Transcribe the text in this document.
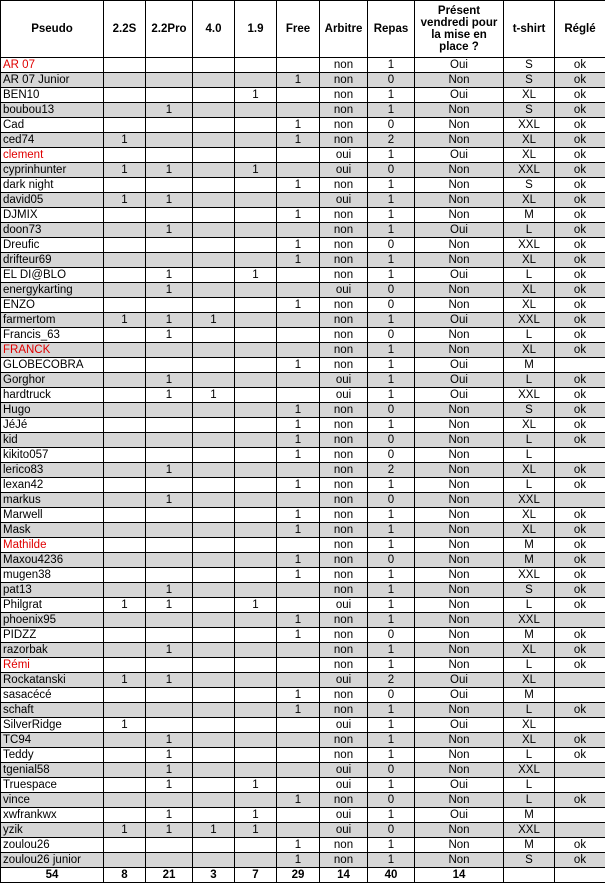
Pseudo	2.2S	2.2Pro	4.0	1.9	Free	Arbitre	Repas	Présent vendredi pour la mise en place ?	t-shirt	Réglé
AR 07						non	1	Oui	S	ok
AR 07 Junior					1	non	0	Non	S	ok
BEN10				1		non	1	Oui	XL	ok
boubou13		1				non	1	Non	S	ok
Cad					1	non	0	Non	XXL	ok
ced74	1				1	non	2	Non	XL	ok
clement						oui	1	Oui	XL	ok
cyprinhunter	1	1		1		oui	0	Non	XXL	ok
dark night					1	non	1	Non	S	ok
david05	1	1				oui	1	Non	XL	ok
DJMIX					1	non	1	Non	M	ok
doon73		1				non	1	Oui	L	ok
Dreufic					1	non	0	Non	XXL	ok
drifteur69					1	non	1	Non	XL	ok
EL DI@BLO		1		1		non	1	Oui	L	ok
energykarting		1				oui	0	Non	XL	ok
ENZO					1	non	0	Non	XL	ok
farmertom	1	1	1			non	1	Oui	XXL	ok
Francis_63		1				non	0	Non	L	ok
FRANCK						non	1	Non	XL	ok
GLOBECOBRA					1	non	1	Oui	M	
Gorghor		1				oui	1	Oui	L	ok
hardtruck		1	1			oui	1	Oui	XXL	ok
Hugo					1	non	0	Non	S	ok
JéJé					1	non	1	Non	XL	ok
kid					1	non	0	Non	L	ok
kikito057					1	non	0	Non	L	
lerico83		1				non	2	Non	XL	ok
lexan42					1	non	1	Non	L	ok
markus		1				non	0	Non	XXL	
Marwell					1	non	1	Non	XL	ok
Mask					1	non	1	Non	XL	ok
Mathilde						non	1	Non	M	ok
Maxou4236					1	non	0	Non	M	ok
mugen38					1	non	1	Non	XXL	ok
pat13		1				non	1	Non	S	ok
Philgrat	1	1		1		oui	1	Non	L	ok
phoenix95					1	non	1	Non	XXL	
PIDZZ					1	non	0	Non	M	ok
razorbak		1				non	1	Non	XL	ok
Rémi						non	1	Non	L	ok
Rockatanski	1	1				oui	2	Oui	XL	
sasacécé					1	non	0	Oui	M	
schaft					1	non	1	Non	L	ok
SilverRidge	1					oui	1	Oui	XL	
TC94		1				non	1	Non	XL	ok
Teddy		1				non	1	Non	L	ok
tgenial58		1				oui	0	Non	XXL	
Truespace		1		1		oui	1	Oui	L	
vince					1	non	0	Non	L	ok
xwfrankwx		1		1		oui	1	Oui	M	
yzik	1	1	1	1		oui	0	Non	XXL	
zoulou26					1	non	1	Non	M	ok
zoulou26 junior					1	non	1	Non	S	ok
54	8	21	3	7	29	14	40	14		
